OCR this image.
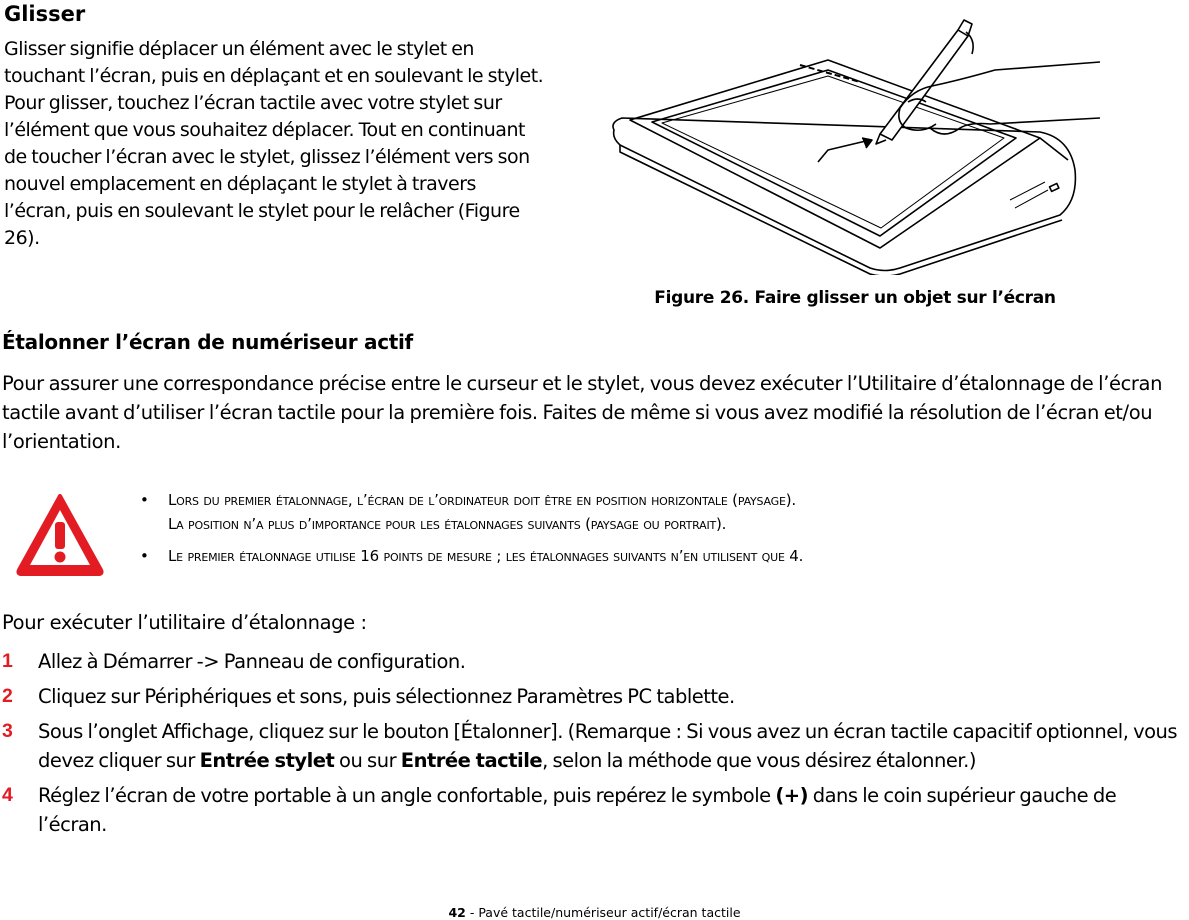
Glisser
Glisser signifie déplacer un élément avec le stylet en touchant l’écran, puis en déplaçant et en soulevant le stylet. Pour glisser, touchez l’écran tactile avec votre stylet sur l’élément que vous souhaitez déplacer. Tout en continuant de toucher l’écran avec le stylet, glissez l’élément vers son nouvel emplacement en déplaçant le stylet à travers l’écran, puis en soulevant le stylet pour le relâcher (Figure 26).
Figure 26. Faire glisser un objet sur l’écran
Étalonner l’écran de numériseur actif
Pour assurer une correspondance précise entre le curseur et le stylet, vous devez exécuter l’Utilitaire d’étalonnage de l’écran tactile avant d’utiliser l’écran tactile pour la première fois. Faites de même si vous avez modifié la résolution de l’écran et/ou l’orientation.
• Lors du premier étalonnage, l’écran de l’ordinateur doit être en position horizontale (paysage).
La position n’a plus d’importance pour les étalonnages suivants (paysage ou portrait).
• Le premier étalonnage utilise 16 points de mesure ; les étalonnages suivants n’en utilisent que 4.
Pour exécuter l’utilitaire d’étalonnage :
1 Allez à Démarrer -> Panneau de configuration.
2 Cliquez sur Périphériques et sons, puis sélectionnez Paramètres PC tablette.
3 Sous l’onglet Affichage, cliquez sur le bouton [Étalonner]. (Remarque : Si vous avez un écran tactile capacitif optionnel, vous devez cliquer sur Entrée stylet ou sur Entrée tactile, selon la méthode que vous désirez étalonner.)
4 Réglez l’écran de votre portable à un angle confortable, puis repérez le symbole (+) dans le coin supérieur gauche de l’écran.
42 - Pavé tactile/numériseur actif/écran tactile
